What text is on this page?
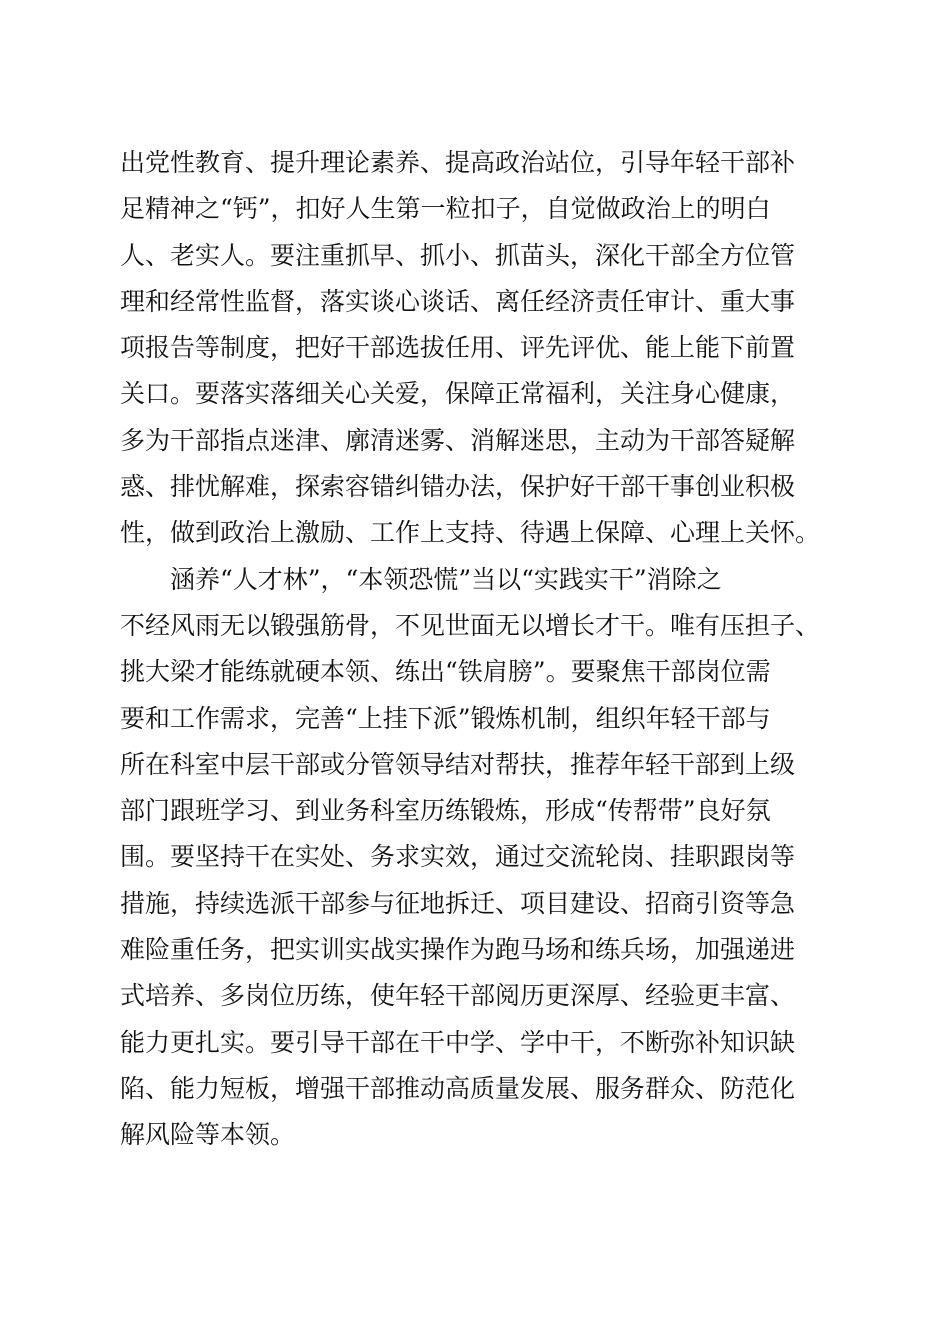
出党性教育、提升理论素养、提高政治站位，引导年轻干部补
足精神之“钙”，扣好人生第一粒扣子，自觉做政治上的明白
人、老实人。要注重抓早、抓小、抓苗头，深化干部全方位管
理和经常性监督，落实谈心谈话、离任经济责任审计、重大事
项报告等制度，把好干部选拔任用、评先评优、能上能下前置
关口。要落实落细关心关爱，保障正常福利，关注身心健康，
多为干部指点迷津、廓清迷雾、消解迷思，主动为干部答疑解
惑、排忧解难，探索容错纠错办法，保护好干部干事创业积极
性，做到政治上激励、工作上支持、待遇上保障、心理上关怀。
　　涵养“人才林”，“本领恐慌”当以“实践实干”消除之
不经风雨无以锻强筋骨，不见世面无以增长才干。唯有压担子、
挑大梁才能练就硬本领、练出“铁肩膀”。要聚焦干部岗位需
要和工作需求，完善“上挂下派”锻炼机制，组织年轻干部与
所在科室中层干部或分管领导结对帮扶，推荐年轻干部到上级
部门跟班学习、到业务科室历练锻炼，形成“传帮带”良好氛
围。要坚持干在实处、务求实效，通过交流轮岗、挂职跟岗等
措施，持续选派干部参与征地拆迁、项目建设、招商引资等急
难险重任务，把实训实战实操作为跑马场和练兵场，加强递进
式培养、多岗位历练，使年轻干部阅历更深厚、经验更丰富、
能力更扎实。要引导干部在干中学、学中干，不断弥补知识缺
陷、能力短板，增强干部推动高质量发展、服务群众、防范化
解风险等本领。
